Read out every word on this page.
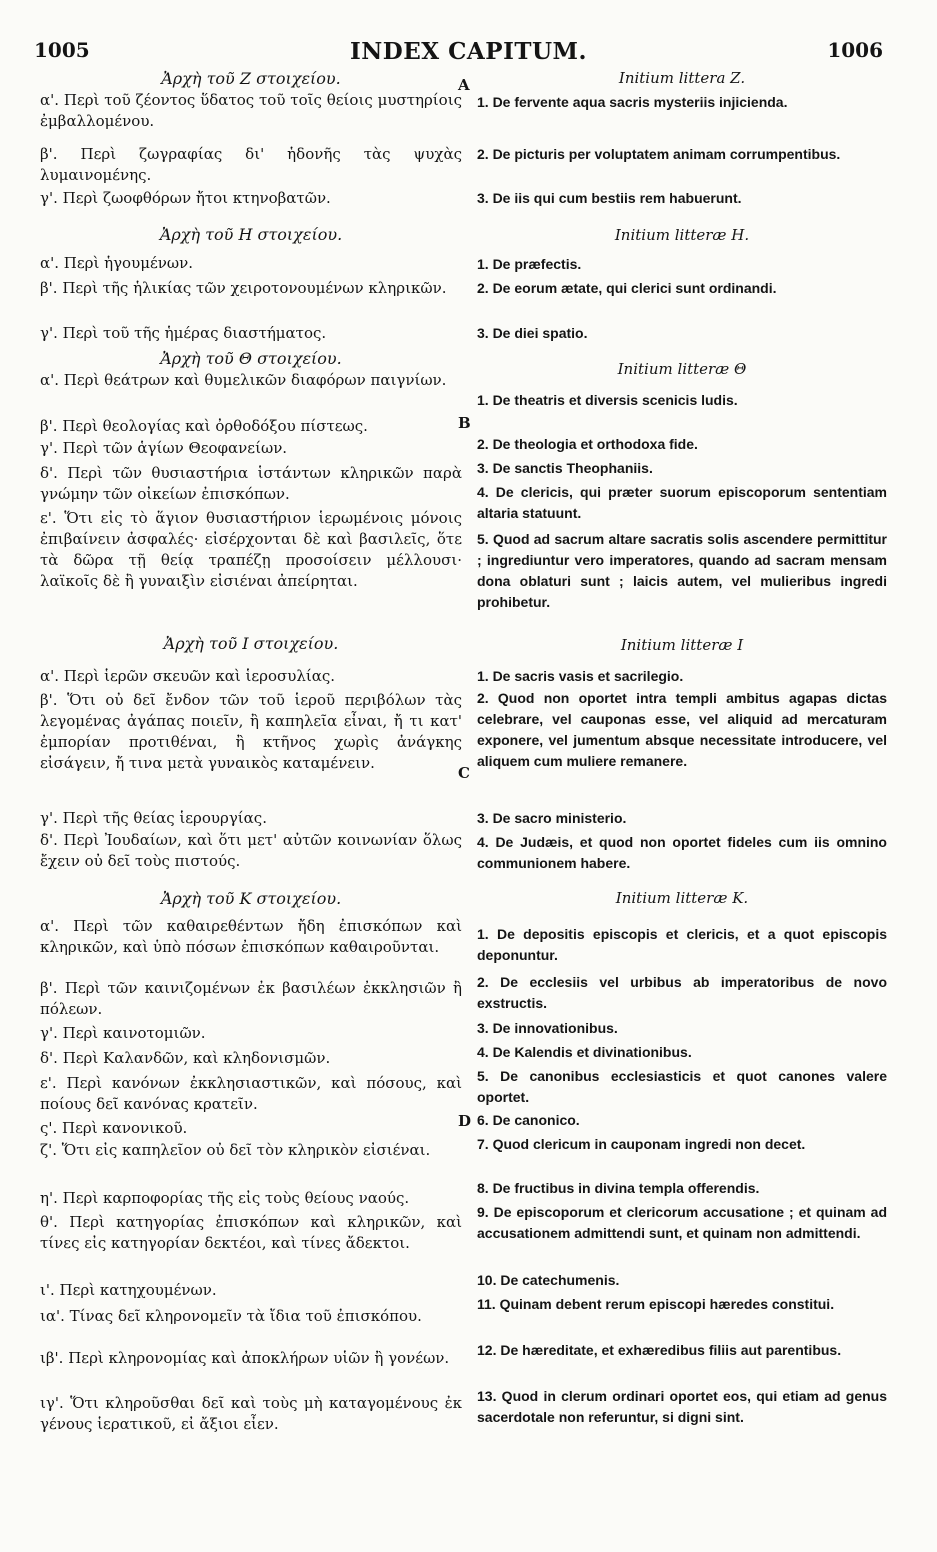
1005	INDEX CAPITUM.	1006
A
B
C
D
Ἀρχὴ τοῦ Ζ στοιχείου.
α'. Περὶ τοῦ ζέοντος ὕδατος τοῦ τοῖς θείοις μυστηρίοις ἐμβαλλομένου.
β'. Περὶ ζωγραφίας δι' ἡδονῆς τὰς ψυχὰς λυμαινομένης.
γ'. Περὶ ζωοφθόρων ἤτοι κτηνοβατῶν.
Ἀρχὴ τοῦ Η στοιχείου.
α'. Περὶ ἡγουμένων.
β'. Περὶ τῆς ἡλικίας τῶν χειροτονουμένων κληρικῶν.
γ'. Περὶ τοῦ τῆς ἡμέρας διαστήματος.
Ἀρχὴ τοῦ Θ στοιχείου.
α'. Περὶ θεάτρων καὶ θυμελικῶν διαφόρων παιγνίων.
β'. Περὶ θεολογίας καὶ ὀρθοδόξου πίστεως.
γ'. Περὶ τῶν ἁγίων Θεοφανείων.
δ'. Περὶ τῶν θυσιαστήρια ἱστάντων κληρικῶν παρὰ γνώμην τῶν οἰκείων ἐπισκόπων.
ε'. Ὅτι εἰς τὸ ἅγιον θυσιαστήριον ἱερωμένοις μόνοις ἐπιβαίνειν ἀσφαλές· εἰσέρχονται δὲ καὶ βασιλεῖς, ὅτε τὰ δῶρα τῇ θείᾳ τραπέζῃ προσοίσειν μέλλουσι· λαϊκοῖς δὲ ἢ γυναιξὶν εἰσιέναι ἀπείρηται.
Ἀρχὴ τοῦ Ι στοιχείου.
α'. Περὶ ἱερῶν σκευῶν καὶ ἱεροσυλίας.
β'. Ὅτι οὐ δεῖ ἔνδον τῶν τοῦ ἱεροῦ περιβόλων τὰς λεγομένας ἀγάπας ποιεῖν, ἢ καπηλεῖα εἶναι, ἤ τι κατ' ἐμπορίαν προτιθέναι, ἢ κτῆνος χωρὶς ἀνάγκης εἰσάγειν, ἤ τινα μετὰ γυναικὸς καταμένειν.
γ'. Περὶ τῆς θείας ἱερουργίας.
δ'. Περὶ Ἰουδαίων, καὶ ὅτι μετ' αὐτῶν κοινωνίαν ὅλως ἔχειν οὐ δεῖ τοὺς πιστούς.
Ἀρχὴ τοῦ Κ στοιχείου.
α'. Περὶ τῶν καθαιρεθέντων ἤδη ἐπισκόπων καὶ κληρικῶν, καὶ ὑπὸ πόσων ἐπισκόπων καθαιροῦνται.
β'. Περὶ τῶν καινιζομένων ἐκ βασιλέων ἐκκλησιῶν ἢ πόλεων.
γ'. Περὶ καινοτομιῶν.
δ'. Περὶ Καλανδῶν, καὶ κληδονισμῶν.
ε'. Περὶ κανόνων ἐκκλησιαστικῶν, καὶ πόσους, καὶ ποίους δεῖ κανόνας κρατεῖν.
ς'. Περὶ κανονικοῦ.
ζ'. Ὅτι εἰς καπηλεῖον οὐ δεῖ τὸν κληρικὸν εἰσιέναι.
η'. Περὶ καρποφορίας τῆς εἰς τοὺς θείους ναούς.
θ'. Περὶ κατηγορίας ἐπισκόπων καὶ κληρικῶν, καὶ τίνες εἰς κατηγορίαν δεκτέοι, καὶ τίνες ἄδεκτοι.
ι'. Περὶ κατηχουμένων.
ια'. Τίνας δεῖ κληρονομεῖν τὰ ἴδια τοῦ ἐπισκόπου.
ιβ'. Περὶ κληρονομίας καὶ ἀποκλήρων υἱῶν ἢ γονέων.
ιγ'. Ὅτι κληροῦσθαι δεῖ καὶ τοὺς μὴ καταγομένους ἐκ γένους ἱερατικοῦ, εἰ ἄξιοι εἶεν.
Initium littera Z.
1. De fervente aqua sacris mysteriis injicienda.
2. De picturis per voluptatem animam corrumpentibus.
3. De iis qui cum bestiis rem habuerunt.
Initium litteræ H.
1. De præfectis.
2. De eorum ætate, qui clerici sunt ordinandi.
3. De diei spatio.
Initium litteræ Θ
1. De theatris et diversis scenicis ludis.
2. De theologia et orthodoxa fide.
3. De sanctis Theophaniis.
4. De clericis, qui præter suorum episcoporum sententiam altaria statuunt.
5. Quod ad sacrum altare sacratis solis ascendere permittitur ; ingrediuntur vero imperatores, quando ad sacram mensam dona oblaturi sunt ; laicis autem, vel mulieribus ingredi prohibetur.
Initium litteræ I
1. De sacris vasis et sacrilegio.
2. Quod non oportet intra templi ambitus agapas dictas celebrare, vel cauponas esse, vel aliquid ad mercaturam exponere, vel jumentum absque necessitate introducere, vel aliquem cum muliere remanere.
3. De sacro ministerio.
4. De Judæis, et quod non oportet fideles cum iis omnino communionem habere.
Initium litteræ K.
1. De depositis episcopis et clericis, et a quot episcopis deponuntur.
2. De ecclesiis vel urbibus ab imperatoribus de novo exstructis.
3. De innovationibus.
4. De Kalendis et divinationibus.
5. De canonibus ecclesiasticis et quot canones valere oportet.
6. De canonico.
7. Quod clericum in cauponam ingredi non decet.
8. De fructibus in divina templa offerendis.
9. De episcoporum et clericorum accusatione ; et quinam ad accusationem admittendi sunt, et quinam non admittendi.
10. De catechumenis.
11. Quinam debent rerum episcopi hæredes constitui.
12. De hæreditate, et exhæredibus filiis aut parentibus.
13. Quod in clerum ordinari oportet eos, qui etiam ad genus sacerdotale non referuntur, si digni sint.
